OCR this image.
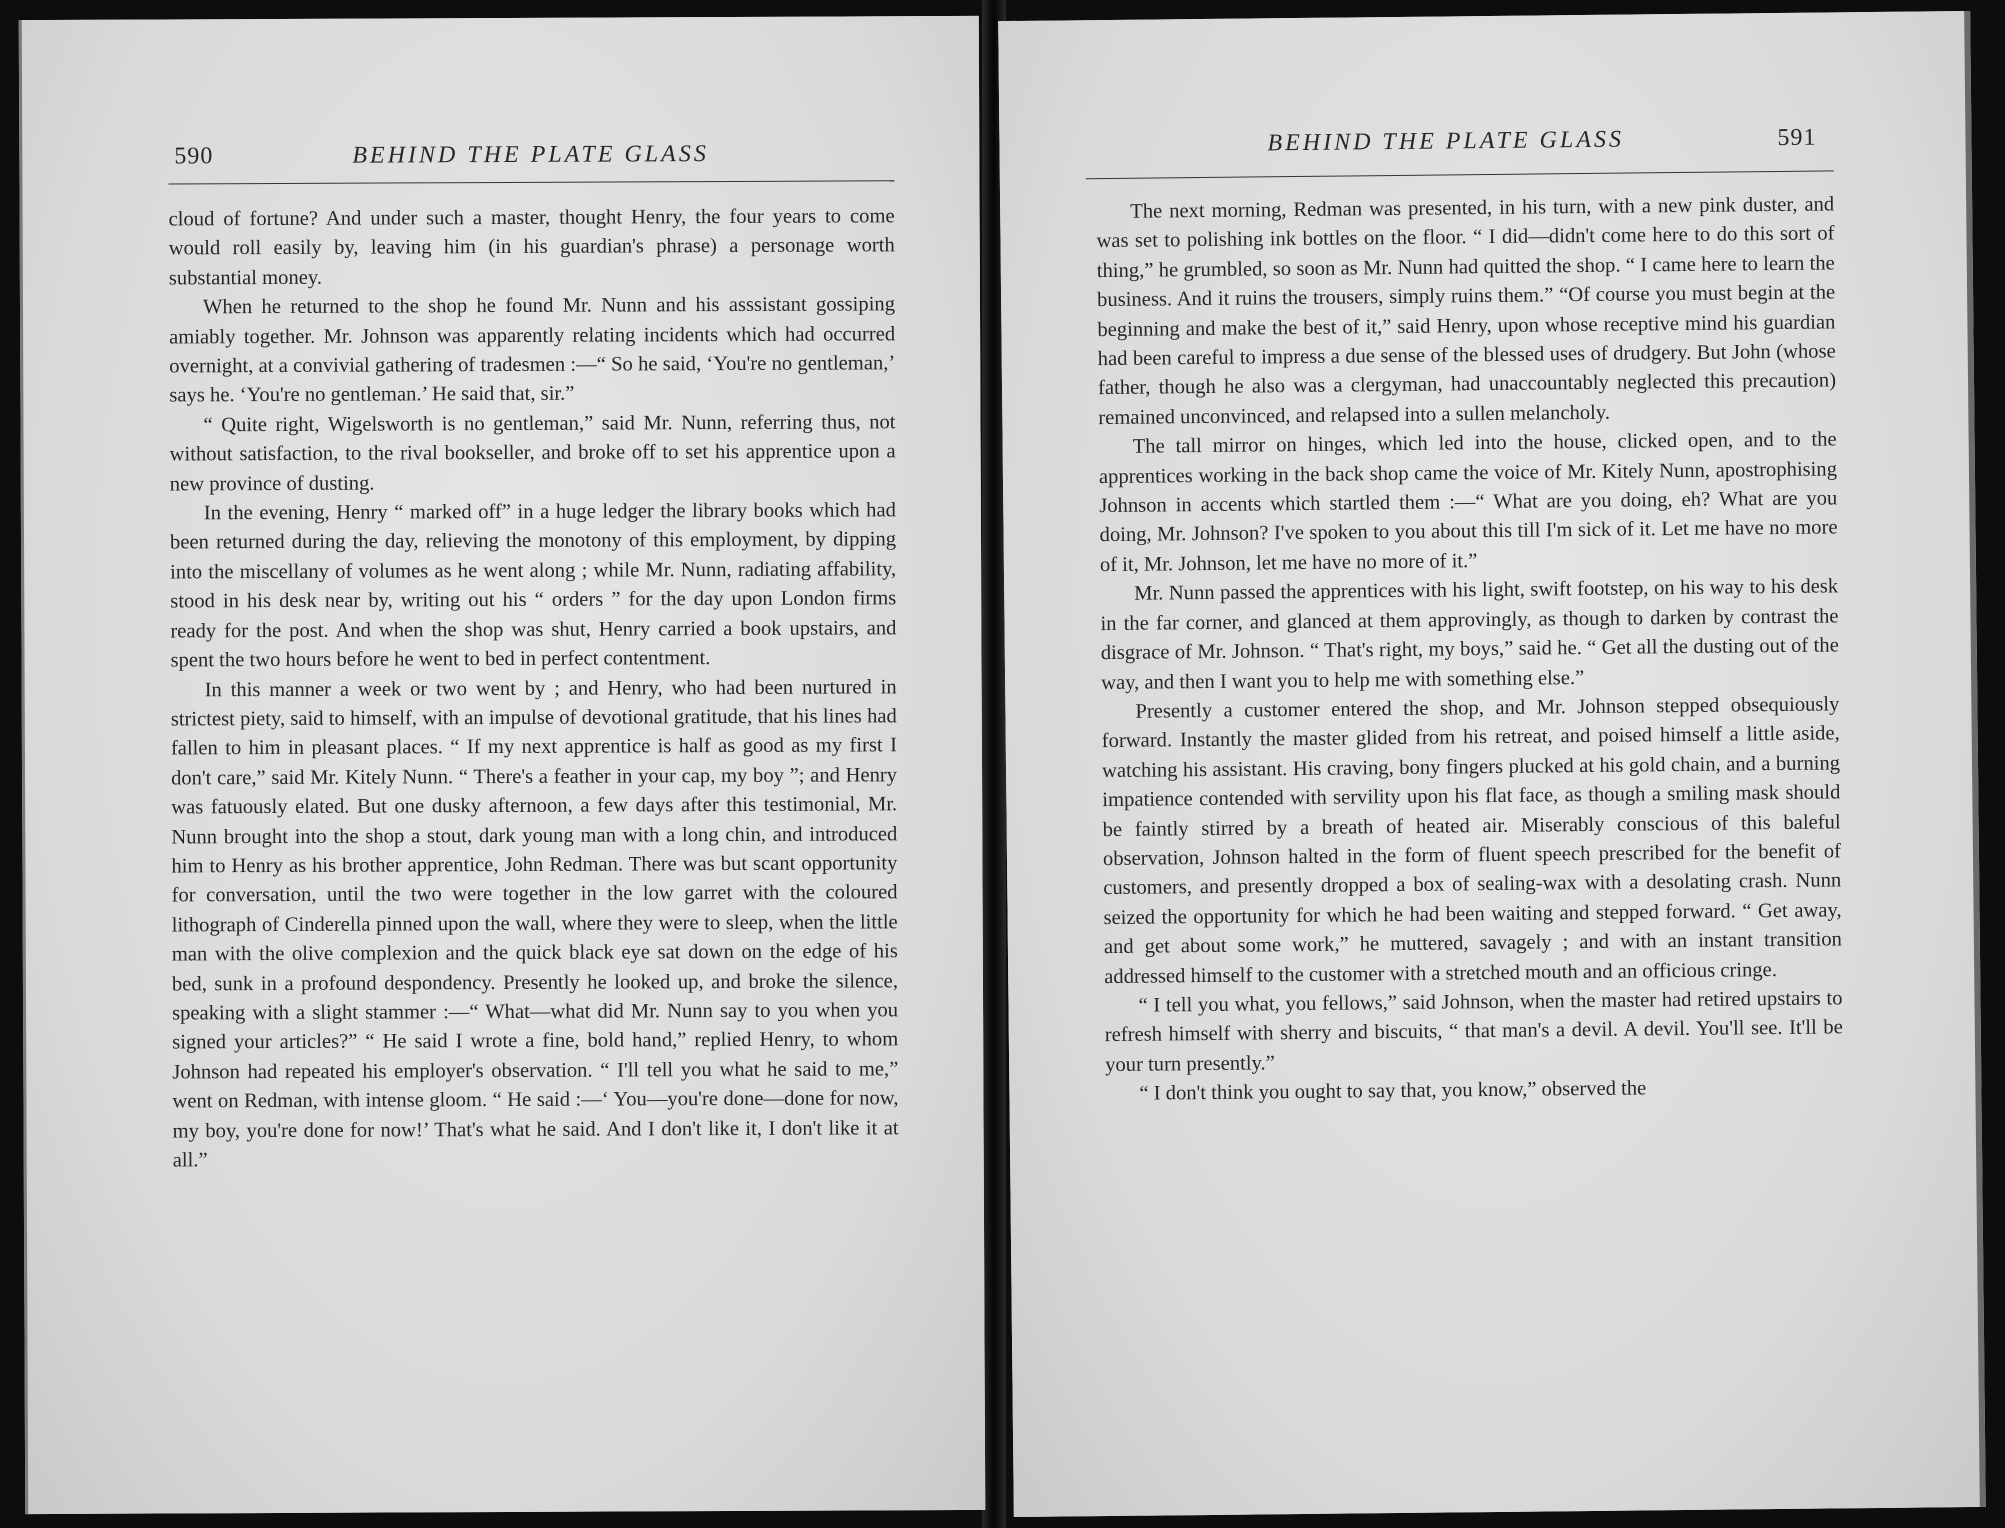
590	BEHIND THE PLATE GLASS

cloud of fortune? And under such a master, thought Henry, the four years to come would roll easily by, leaving him (in his guardian's phrase) a personage worth substantial money.

When he returned to the shop he found Mr. Nunn and his asssistant gossiping amiably together. Mr. Johnson was apparently relating incidents which had occurred overnight, at a convivial gathering of tradesmen :—“ So he said, ‘You're no gentleman,’ says he. ‘You're no gentleman.’ He said that, sir.”

“ Quite right, Wigelsworth is no gentleman,” said Mr. Nunn, referring thus, not without satisfaction, to the rival bookseller, and broke off to set his apprentice upon a new province of dusting.

In the evening, Henry “ marked off” in a huge ledger the library books which had been returned during the day, relieving the monotony of this employment, by dipping into the miscellany of volumes as he went along ; while Mr. Nunn, radiating affability, stood in his desk near by, writing out his “ orders ” for the day upon London firms ready for the post. And when the shop was shut, Henry carried a book upstairs, and spent the two hours before he went to bed in perfect contentment.

In this manner a week or two went by ; and Henry, who had been nurtured in strictest piety, said to himself, with an impulse of devotional gratitude, that his lines had fallen to him in pleasant places. “ If my next apprentice is half as good as my first I don't care,” said Mr. Kitely Nunn. “ There's a feather in your cap, my boy ”; and Henry was fatuously elated. But one dusky afternoon, a few days after this testimonial, Mr. Nunn brought into the shop a stout, dark young man with a long chin, and introduced him to Henry as his brother apprentice, John Redman. There was but scant opportunity for conversation, until the two were together in the low garret with the coloured lithograph of Cinderella pinned upon the wall, where they were to sleep, when the little man with the olive complexion and the quick black eye sat down on the edge of his bed, sunk in a profound despondency. Presently he looked up, and broke the silence, speaking with a slight stammer :—“ What—what did Mr. Nunn say to you when you signed your articles?” “ He said I wrote a fine, bold hand,” replied Henry, to whom Johnson had repeated his employer's observation. “ I'll tell you what he said to me,” went on Redman, with intense gloom. “ He said :—‘ You—you're done—done for now, my boy, you're done for now!’ That's what he said. And I don't like it, I don't like it at all.”

BEHIND THE PLATE GLASS	591

The next morning, Redman was presented, in his turn, with a new pink duster, and was set to polishing ink bottles on the floor. “ I did—didn't come here to do this sort of thing,” he grumbled, so soon as Mr. Nunn had quitted the shop. “ I came here to learn the business. And it ruins the trousers, simply ruins them.” “Of course you must begin at the beginning and make the best of it,” said Henry, upon whose receptive mind his guardian had been careful to impress a due sense of the blessed uses of drudgery. But John (whose father, though he also was a clergyman, had unaccountably neglected this precaution) remained unconvinced, and relapsed into a sullen melancholy.

The tall mirror on hinges, which led into the house, clicked open, and to the apprentices working in the back shop came the voice of Mr. Kitely Nunn, apostrophising Johnson in accents which startled them :—“ What are you doing, eh? What are you doing, Mr. Johnson? I've spoken to you about this till I'm sick of it. Let me have no more of it, Mr. Johnson, let me have no more of it.”

Mr. Nunn passed the apprentices with his light, swift footstep, on his way to his desk in the far corner, and glanced at them approvingly, as though to darken by contrast the disgrace of Mr. Johnson. “ That's right, my boys,” said he. “ Get all the dusting out of the way, and then I want you to help me with something else.”

Presently a customer entered the shop, and Mr. Johnson stepped obsequiously forward. Instantly the master glided from his retreat, and poised himself a little aside, watching his assistant. His craving, bony fingers plucked at his gold chain, and a burning impatience contended with servility upon his flat face, as though a smiling mask should be faintly stirred by a breath of heated air. Miserably conscious of this baleful observation, Johnson halted in the form of fluent speech prescribed for the benefit of customers, and presently dropped a box of sealing-wax with a desolating crash. Nunn seized the opportunity for which he had been waiting and stepped forward. “ Get away, and get about some work,” he muttered, savagely ; and with an instant transition addressed himself to the customer with a stretched mouth and an officious cringe.

“ I tell you what, you fellows,” said Johnson, when the master had retired upstairs to refresh himself with sherry and biscuits, “ that man's a devil. A devil. You'll see. It'll be your turn presently.”

“ I don't think you ought to say that, you know,” observed the
